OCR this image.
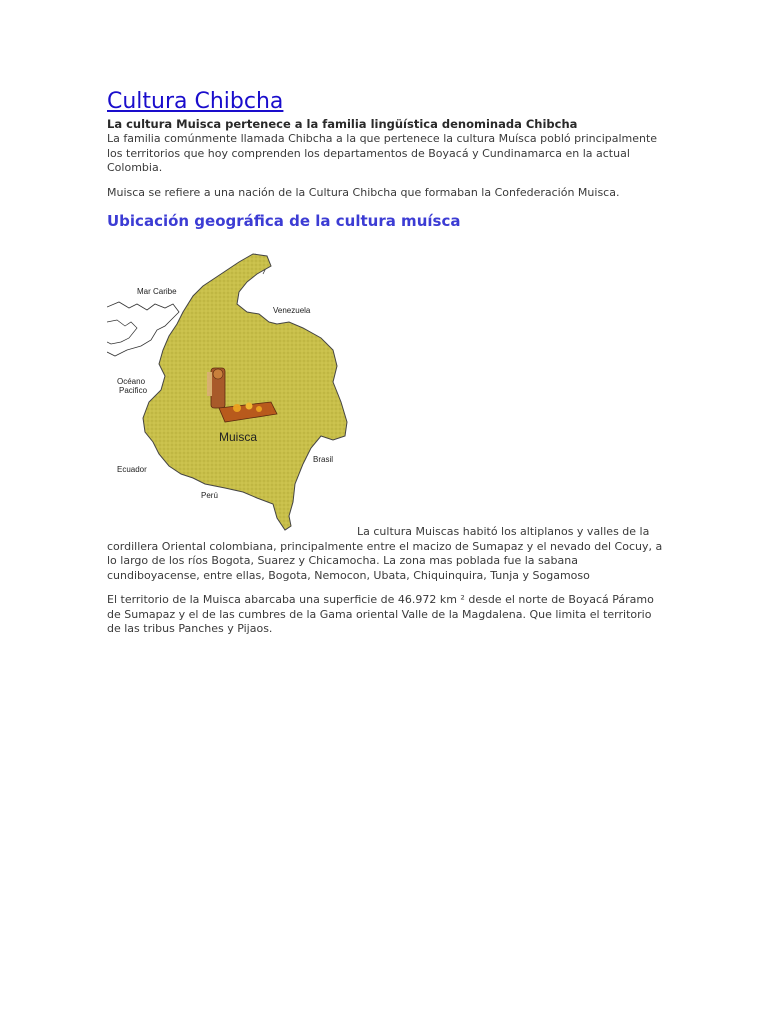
Cultura Chibcha

La cultura Muisca pertenece a la familia lingüística denominada Chibcha

La familia comúnmente llamada Chibcha a la que pertenece la cultura Muísca pobló principalmente los territorios que hoy comprenden los departamentos de Boyacá y Cundinamarca en la actual Colombia.

Muisca se refiere a una nación de la Cultura Chibcha que formaban la Confederación Muisca.

Ubicación geográfica de la cultura muísca
Mar Caribe
Venezuela
Océano
Pacifico
Muisca
Brasil
Ecuador
Perú

La cultura Muiscas habitó los altiplanos y valles de la cordillera Oriental colombiana, principalmente entre el macizo de Sumapaz y el nevado del Cocuy, a lo largo de los ríos Bogota, Suarez y Chicamocha. La zona mas poblada fue la sabana cundiboyacense, entre ellas, Bogota, Nemocon, Ubata, Chiquinquira, Tunja y Sogamoso

El territorio de la Muisca abarcaba una superficie de 46.972 km ² desde el norte de Boyacá Páramo de Sumapaz y el de las cumbres de la Gama oriental Valle de la Magdalena. Que limita el territorio de las tribus Panches y Pijaos.
